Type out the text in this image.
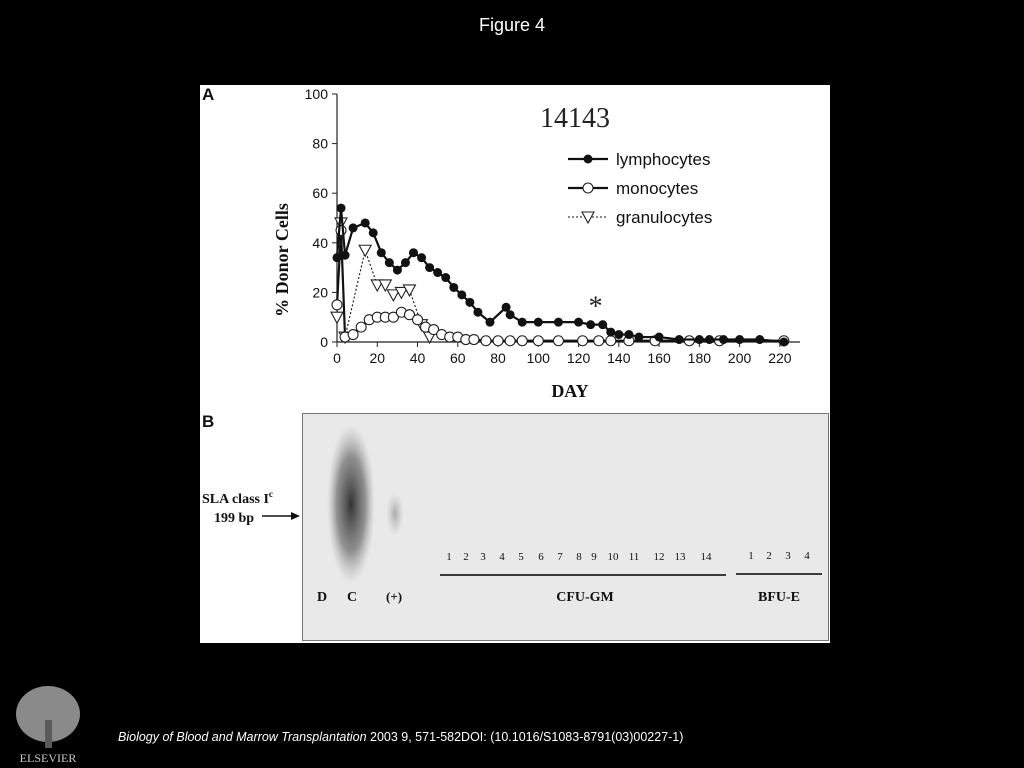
Figure 4
A
0 20 40 60 80 100 120 140 160 180 200 220
0
20
40
60
80
100
14143
DAY
% Donor Cells	*
lymphocytes
monocytes
granulocytes
B
SLA class $I^c$
199 bp
1 2 3 4 5 6 7 8 9 10 11 12 13 14	1 2 3 4
D C (+)	CFU-GM	BFU-E
ELSEVIER
Biology of Blood and Marrow Transplantation 2003 9, 571-582DOI: (10.1016/S1083-8791(03)00227-1)
